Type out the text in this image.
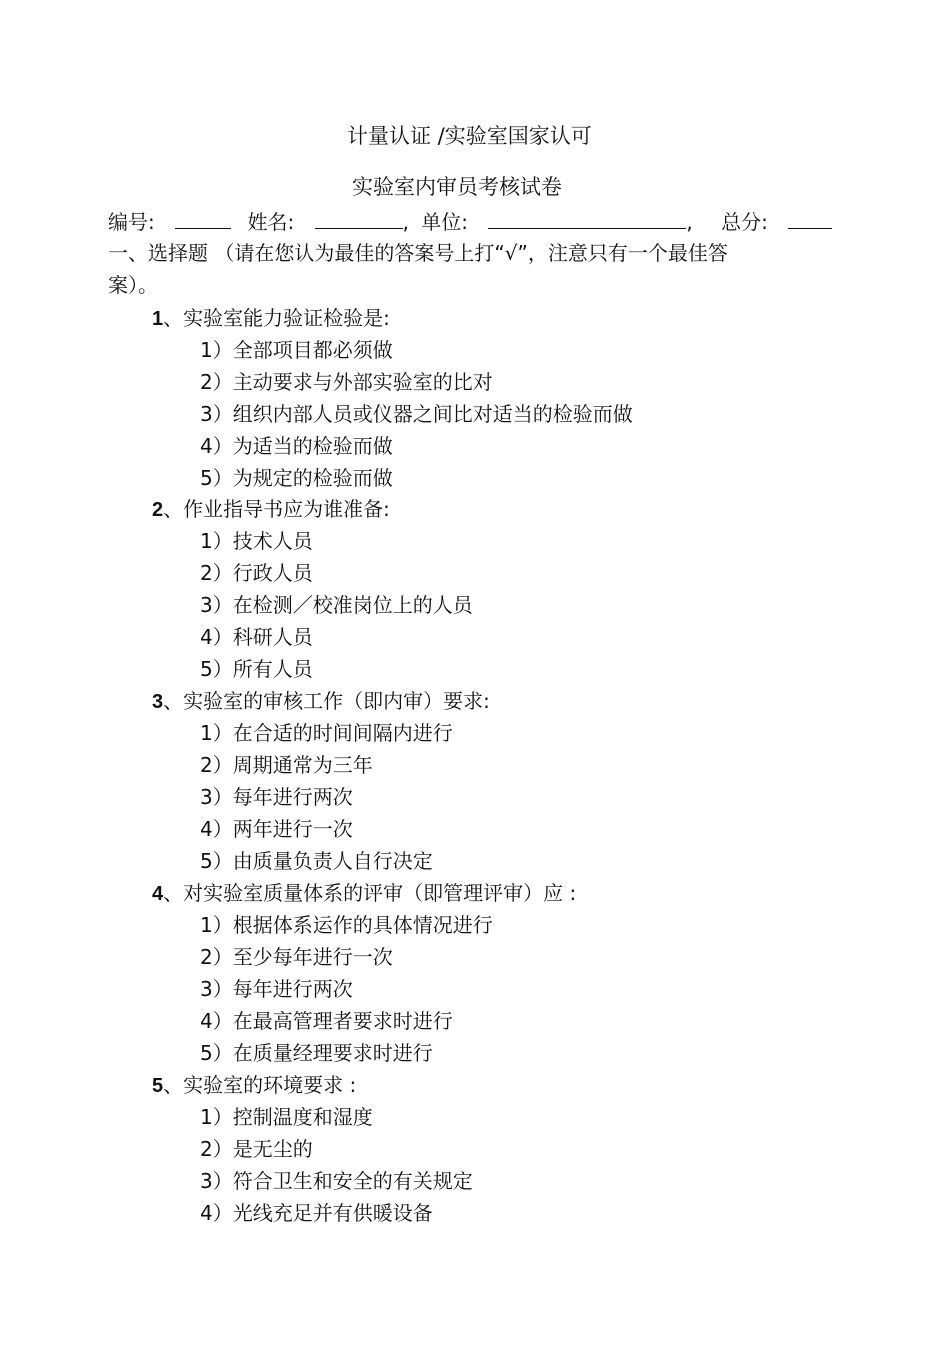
计量认证 /实验室国家认可
实验室内审员考核试卷
编号:	姓名:	, 单位:	, 总分:
一、选择题 （请在您认为最佳的答案号上打“√”，注意只有一个最佳答
案）。
1、实验室能力验证检验是:
1）全部项目都必须做
2）主动要求与外部实验室的比对
3）组织内部人员或仪器之间比对适当的检验而做
4）为适当的检验而做
5）为规定的检验而做
2、作业指导书应为谁准备:
1）技术人员
2）行政人员
3）在检测／校准岗位上的人员
4）科研人员
5）所有人员
3、实验室的审核工作（即内审）要求:
1）在合适的时间间隔内进行
2）周期通常为三年
3）每年进行两次
4）两年进行一次
5）由质量负责人自行决定
4、对实验室质量体系的评审（即管理评审）应 :
1）根据体系运作的具体情况进行
2）至少每年进行一次
3）每年进行两次
4）在最高管理者要求时进行
5）在质量经理要求时进行
5、实验室的环境要求 :
1）控制温度和湿度
2）是无尘的
3）符合卫生和安全的有关规定
4）光线充足并有供暖设备
